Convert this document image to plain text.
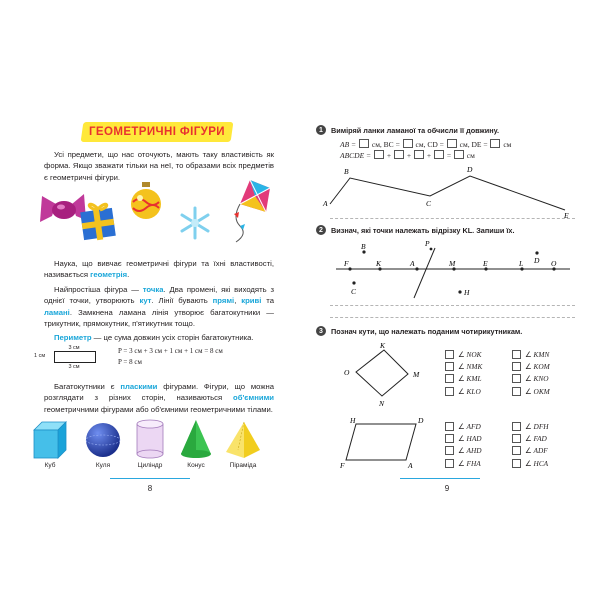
ГЕОМЕТРИЧНІ ФІГУРИ

Усі предмети, що нас оточують, мають таку властивість як форма. Якщо зважати тільки на неї, то образами всіх предметів є геометричні фігури.

Наука, що вивчає геометричні фігури та їхні властивості, називається геометрія.

Найпростіша фігура — точка. Два промені, які виходять з однієї точки, утворюють кут. Лінії бувають прямі, криві та ламані. Замкнена ламана лінія утворює багатокутники — трикутник, прямокутник, п'ятикутник тощо.

Периметр — це сума довжин усіх сторін багатокутника.

3 см
1 см
3 см
P = 3 см + 3 см + 1 см + 1 см = 8 см
P = 8 см

Багатокутники є пласкими фігурами. Фігури, що можна розглядати з різних сторін, називаються об'ємними геометричними фігурами або об'ємними геометричними тілами.

Куб	Куля	Циліндр	Конус	Піраміда
8
1	Виміряй ланки ламаної та обчисли її довжину.
AB =  см, BC =  см, CD =  см, DE =  см
ABCDE =  +  +  +  =  см
A
B
C
D
E
2	Визнач, які точки належать відрізку KL. Запиши їх.
F	K	A	M	E	L	O
B	P
D
C	H
3	Познач кути, що належать поданим чотирикутникам.
K
O	M
N
H	D
F	A
∠ NOK
∠ NMK
∠ KML
∠ KLO
∠ KMN
∠ KOM
∠ KNO
∠ OKM
∠ AFD
∠ HAD
∠ AHD
∠ FHA
∠ DFH
∠ FAD
∠ ADF
∠ HCA
9
